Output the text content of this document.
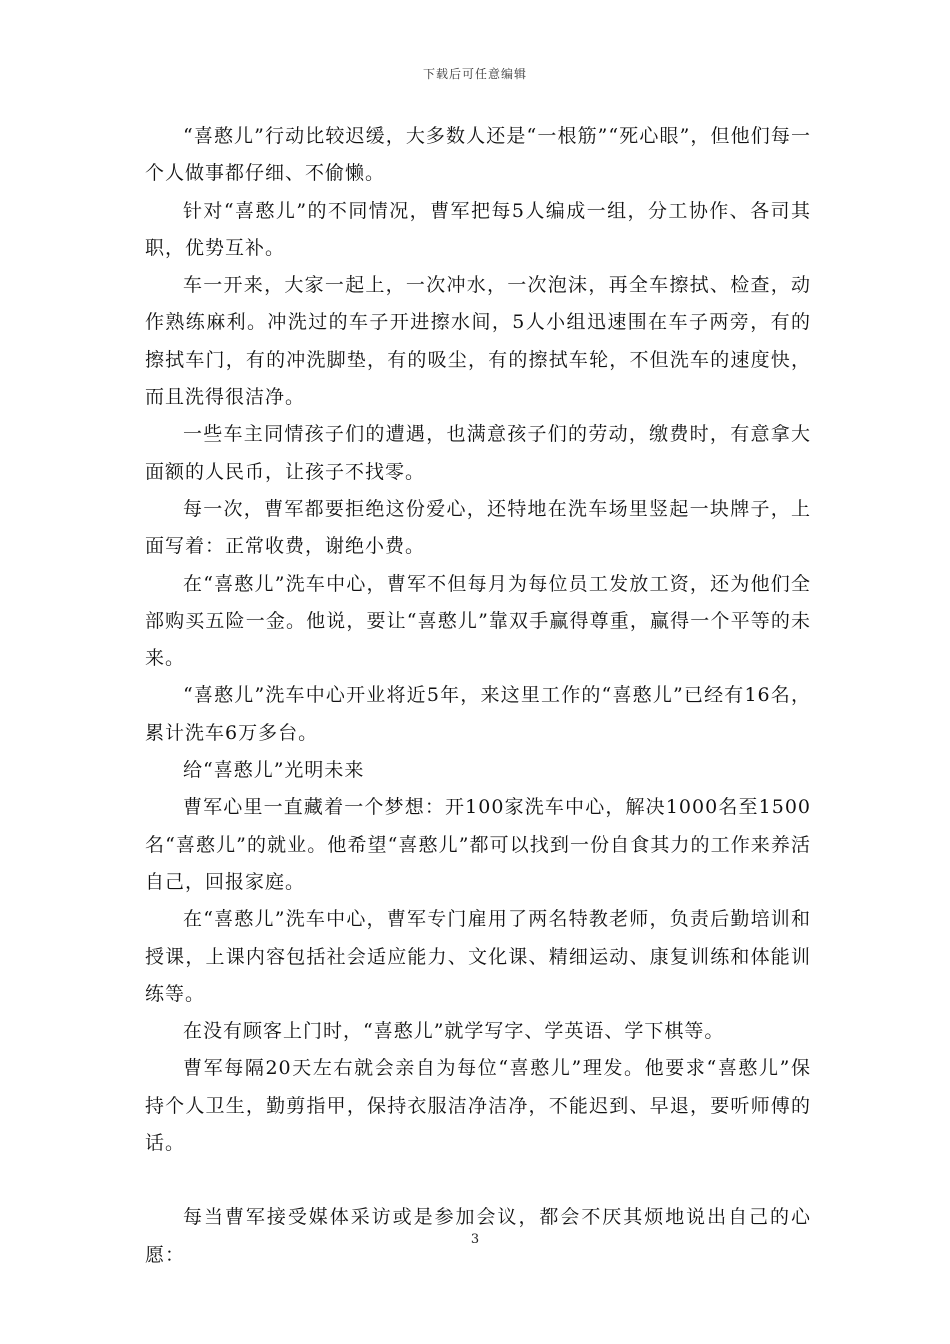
下载后可任意编辑

“喜憨儿”行动比较迟缓，大多数人还是“一根筋”“死心眼”，但他们每一个人做事都仔细、不偷懒。

针对“喜憨儿”的不同情况，曹军把每5人编成一组，分工协作、各司其职，优势互补。

车一开来，大家一起上，一次冲水，一次泡沫，再全车擦拭、检查，动作熟练麻利。冲洗过的车子开进擦水间，5人小组迅速围在车子两旁，有的擦拭车门，有的冲洗脚垫，有的吸尘，有的擦拭车轮，不但洗车的速度快，而且洗得很洁净。

一些车主同情孩子们的遭遇，也满意孩子们的劳动，缴费时，有意拿大面额的人民币，让孩子不找零。

每一次，曹军都要拒绝这份爱心，还特地在洗车场里竖起一块牌子，上面写着：正常收费，谢绝小费。

在“喜憨儿”洗车中心，曹军不但每月为每位员工发放工资，还为他们全部购买五险一金。他说，要让“喜憨儿”靠双手赢得尊重，赢得一个平等的未来。

“喜憨儿”洗车中心开业将近5年，来这里工作的“喜憨儿”已经有16名，累计洗车6万多台。

给“喜憨儿”光明未来

曹军心里一直藏着一个梦想：开100家洗车中心，解决1000名至1500名“喜憨儿”的就业。他希望“喜憨儿”都可以找到一份自食其力的工作来养活自己，回报家庭。

在“喜憨儿”洗车中心，曹军专门雇用了两名特教老师，负责后勤培训和授课，上课内容包括社会适应能力、文化课、精细运动、康复训练和体能训练等。

在没有顾客上门时，“喜憨儿”就学写字、学英语、学下棋等。

曹军每隔20天左右就会亲自为每位“喜憨儿”理发。他要求“喜憨儿”保持个人卫生，勤剪指甲，保持衣服洁净洁净，不能迟到、早退，要听师傅的话。

每当曹军接受媒体采访或是参加会议，都会不厌其烦地说出自己的心愿：

3
